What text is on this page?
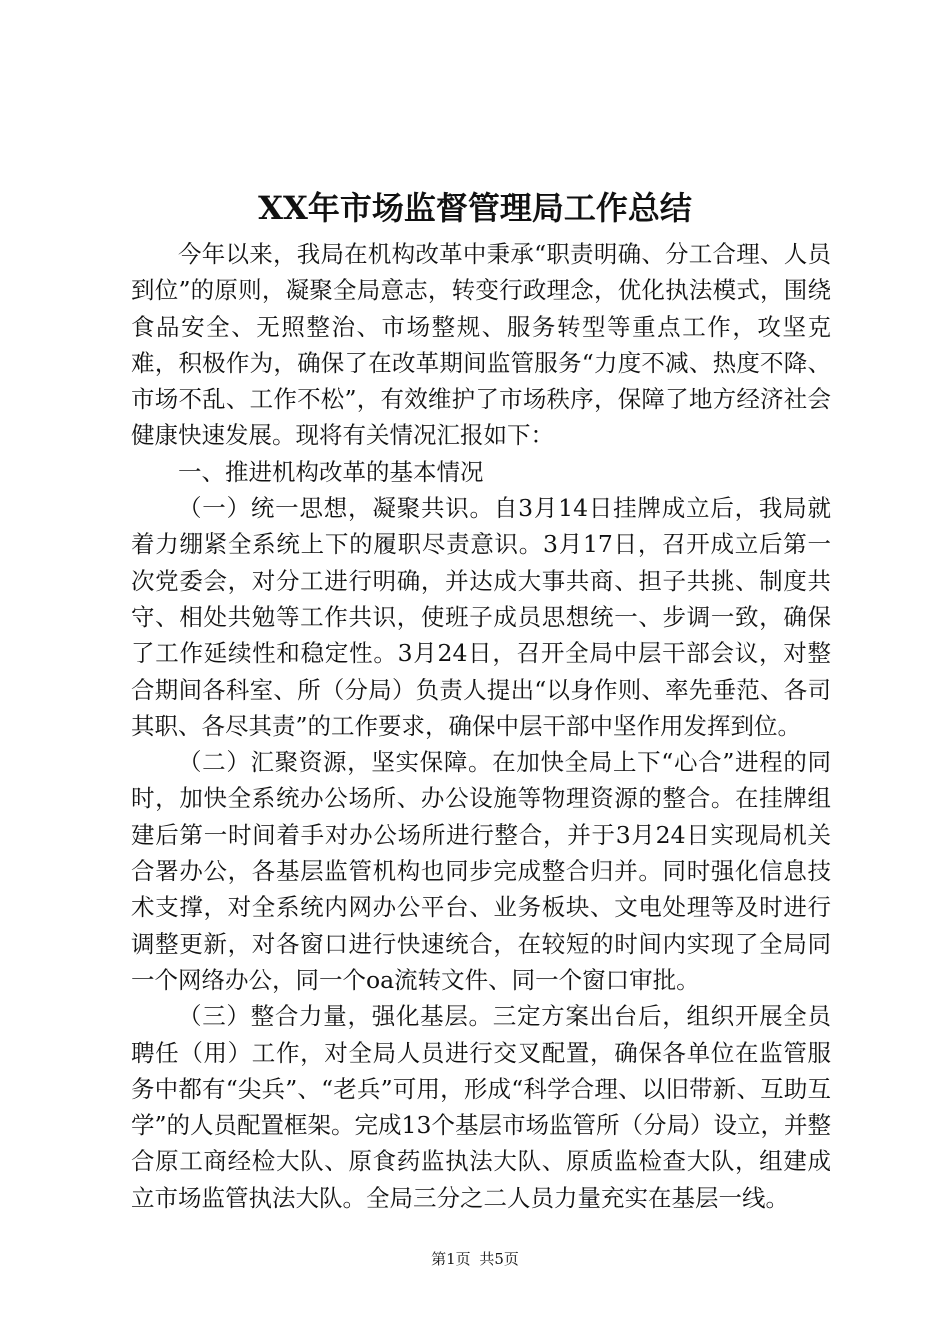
XX年市场监督管理局工作总结

今年以来，我局在机构改革中秉承“职责明确、分工合理、人员到位”的原则，凝聚全局意志，转变行政理念，优化执法模式，围绕食品安全、无照整治、市场整规、服务转型等重点工作，攻坚克难，积极作为，确保了在改革期间监管服务“力度不减、热度不降、市场不乱、工作不松”，有效维护了市场秩序，保障了地方经济社会健康快速发展。现将有关情况汇报如下：

一、推进机构改革的基本情况

（一）统一思想，凝聚共识。自3月14日挂牌成立后，我局就着力绷紧全系统上下的履职尽责意识。3月17日，召开成立后第一次党委会，对分工进行明确，并达成大事共商、担子共挑、制度共守、相处共勉等工作共识，使班子成员思想统一、步调一致，确保了工作延续性和稳定性。3月24日，召开全局中层干部会议，对整合期间各科室、所（分局）负责人提出“以身作则、率先垂范、各司其职、各尽其责”的工作要求，确保中层干部中坚作用发挥到位。

（二）汇聚资源，坚实保障。在加快全局上下“心合”进程的同时，加快全系统办公场所、办公设施等物理资源的整合。在挂牌组建后第一时间着手对办公场所进行整合，并于3月24日实现局机关合署办公，各基层监管机构也同步完成整合归并。同时强化信息技术支撑，对全系统内网办公平台、业务板块、文电处理等及时进行调整更新，对各窗口进行快速统合，在较短的时间内实现了全局同一个网络办公，同一个oa流转文件、同一个窗口审批。

（三）整合力量，强化基层。三定方案出台后，组织开展全员聘任（用）工作，对全局人员进行交叉配置，确保各单位在监管服务中都有“尖兵”、“老兵”可用，形成“科学合理、以旧带新、互助互学”的人员配置框架。完成13个基层市场监管所（分局）设立，并整合原工商经检大队、原食药监执法大队、原质监检查大队，组建成立市场监管执法大队。全局三分之二人员力量充实在基层一线。

第1页 共5页
